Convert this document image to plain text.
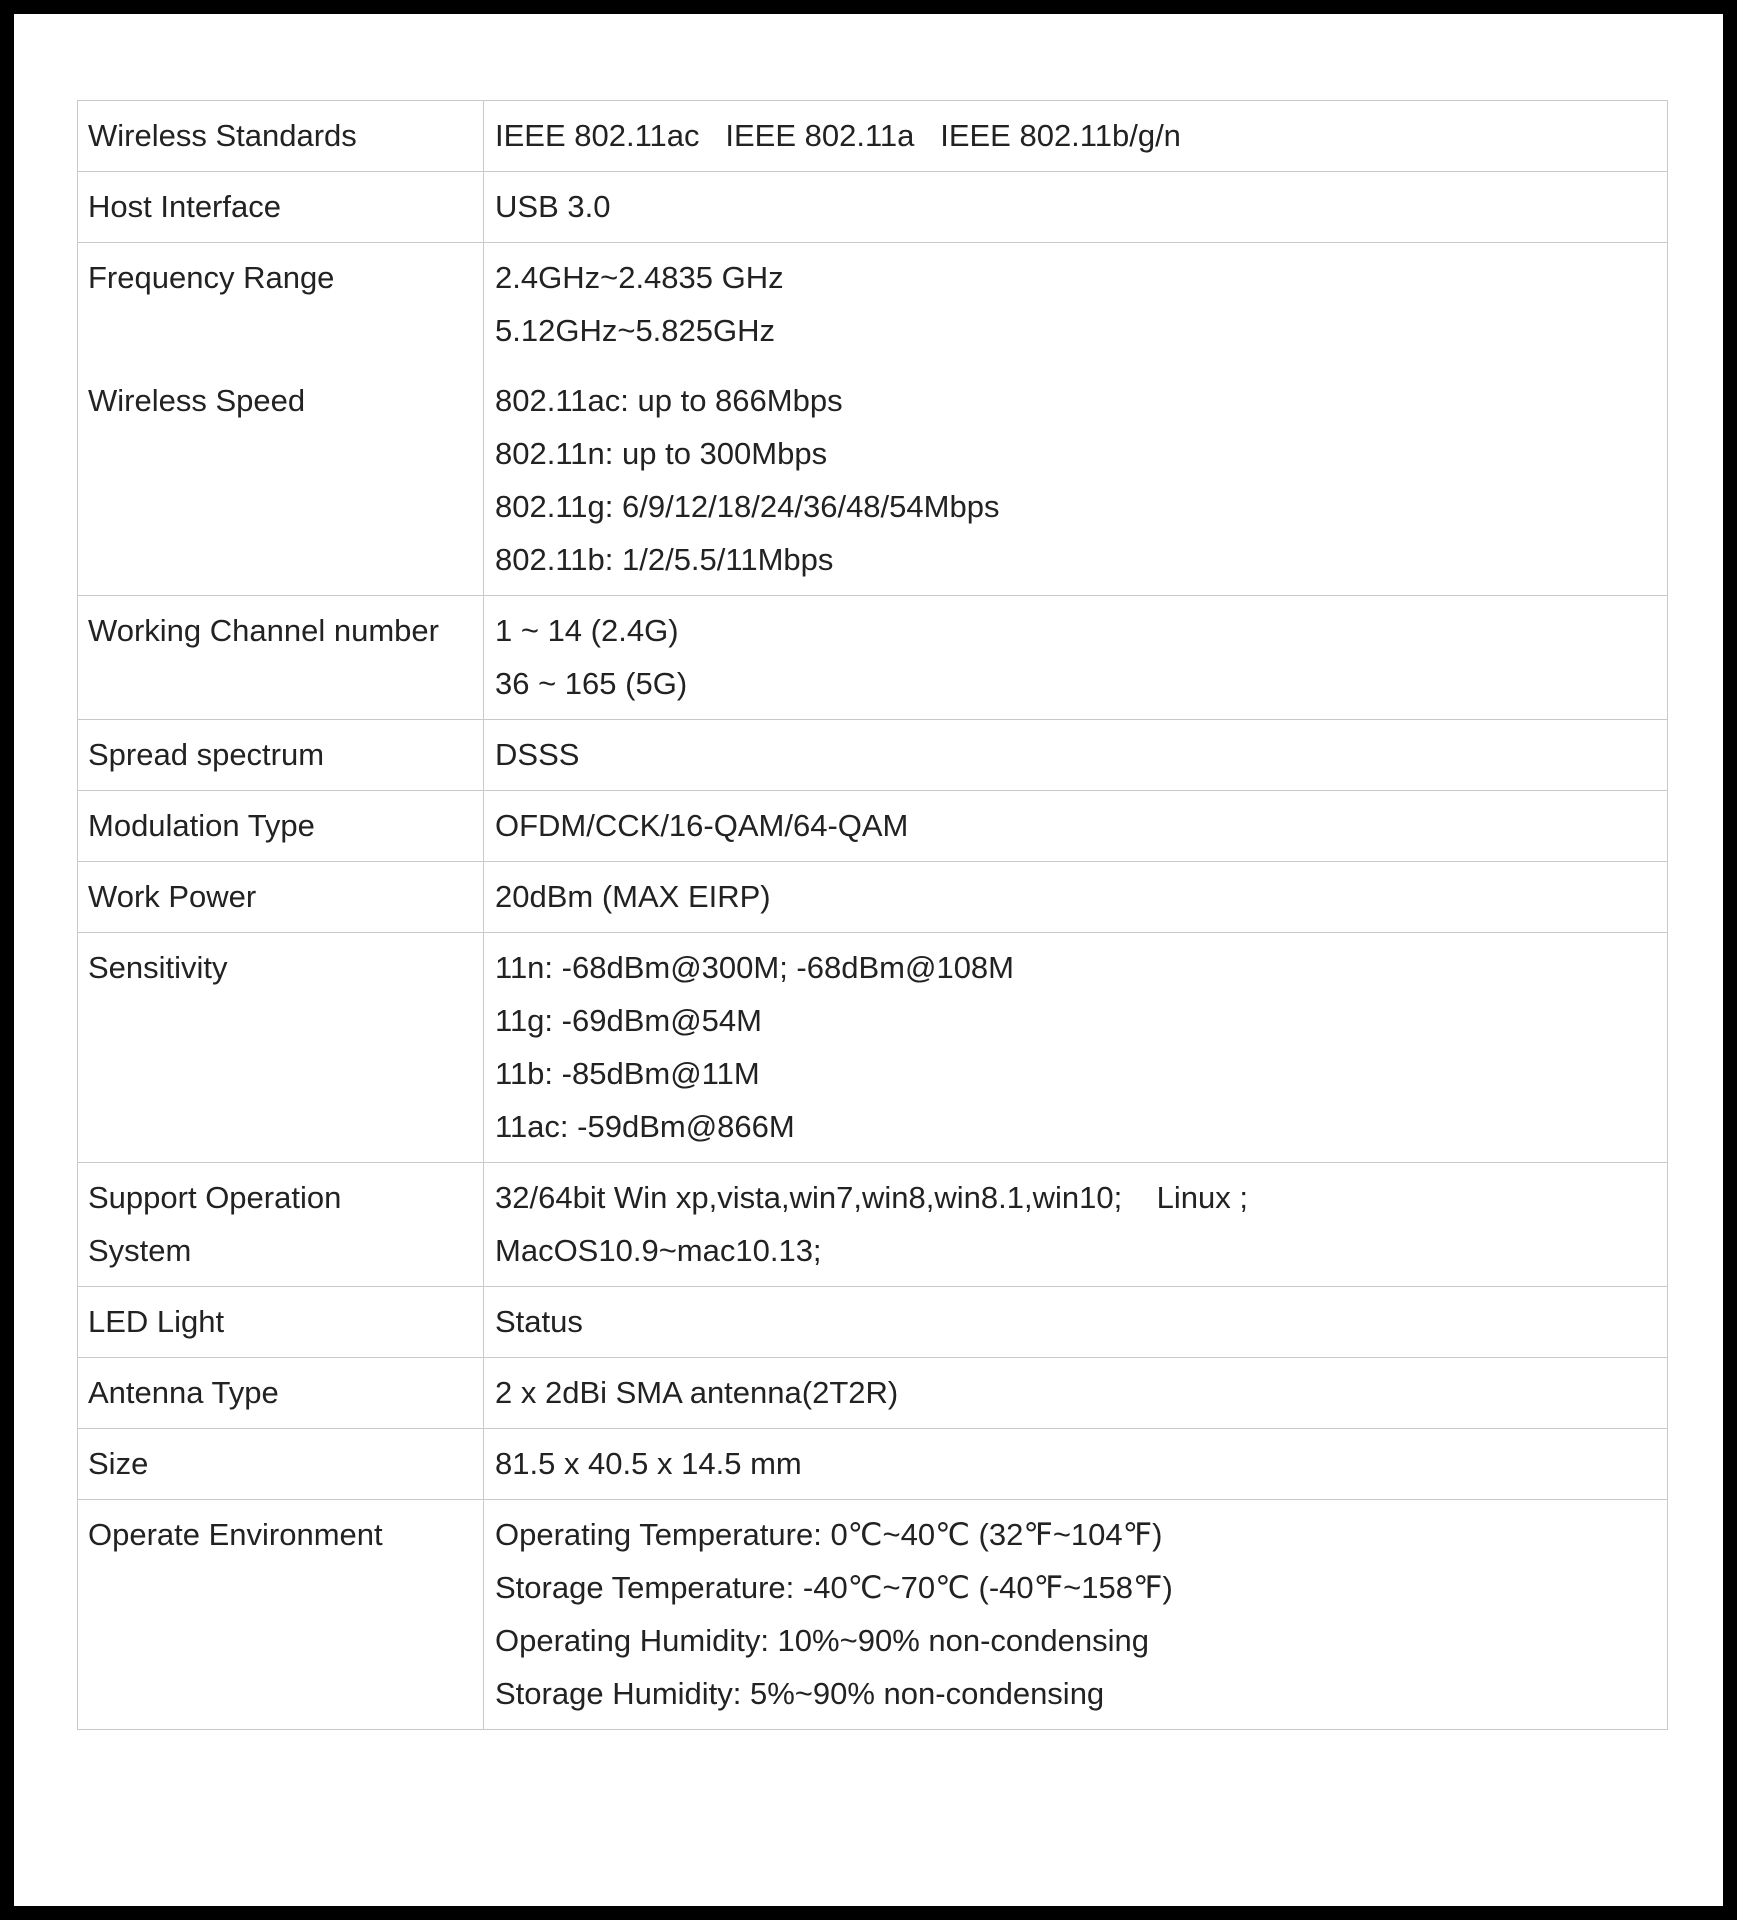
Wireless Standards	IEEE 802.11ac   IEEE 802.11a   IEEE 802.11b/g/n

Host Interface	USB 3.0

Frequency Range	2.4GHz~2.4835 GHz
5.12GHz~5.825GHz

Wireless Speed	802.11ac: up to 866Mbps
802.11n: up to 300Mbps
802.11g: 6/9/12/18/24/36/48/54Mbps
802.11b: 1/2/5.5/11Mbps

Working Channel number	1 ~ 14 (2.4G)
36 ~ 165 (5G)

Spread spectrum	DSSS

Modulation Type	OFDM/CCK/16-QAM/64-QAM

Work Power	20dBm (MAX EIRP)

Sensitivity	11n: -68dBm@300M; -68dBm@108M
11g: -69dBm@54M
11b: -85dBm@11M
11ac: -59dBm@866M

Support Operation
System	32/64bit Win xp,vista,win7,win8,win8.1,win10;    Linux ;
MacOS10.9~mac10.13;

LED Light	Status

Antenna Type	2 x 2dBi SMA antenna(2T2R)

Size	81.5 x 40.5 x 14.5 mm

Operate Environment	Operating Temperature: 0℃~40℃ (32℉~104℉)
Storage Temperature: -40℃~70℃ (-40℉~158℉)
Operating Humidity: 10%~90% non-condensing
Storage Humidity: 5%~90% non-condensing
